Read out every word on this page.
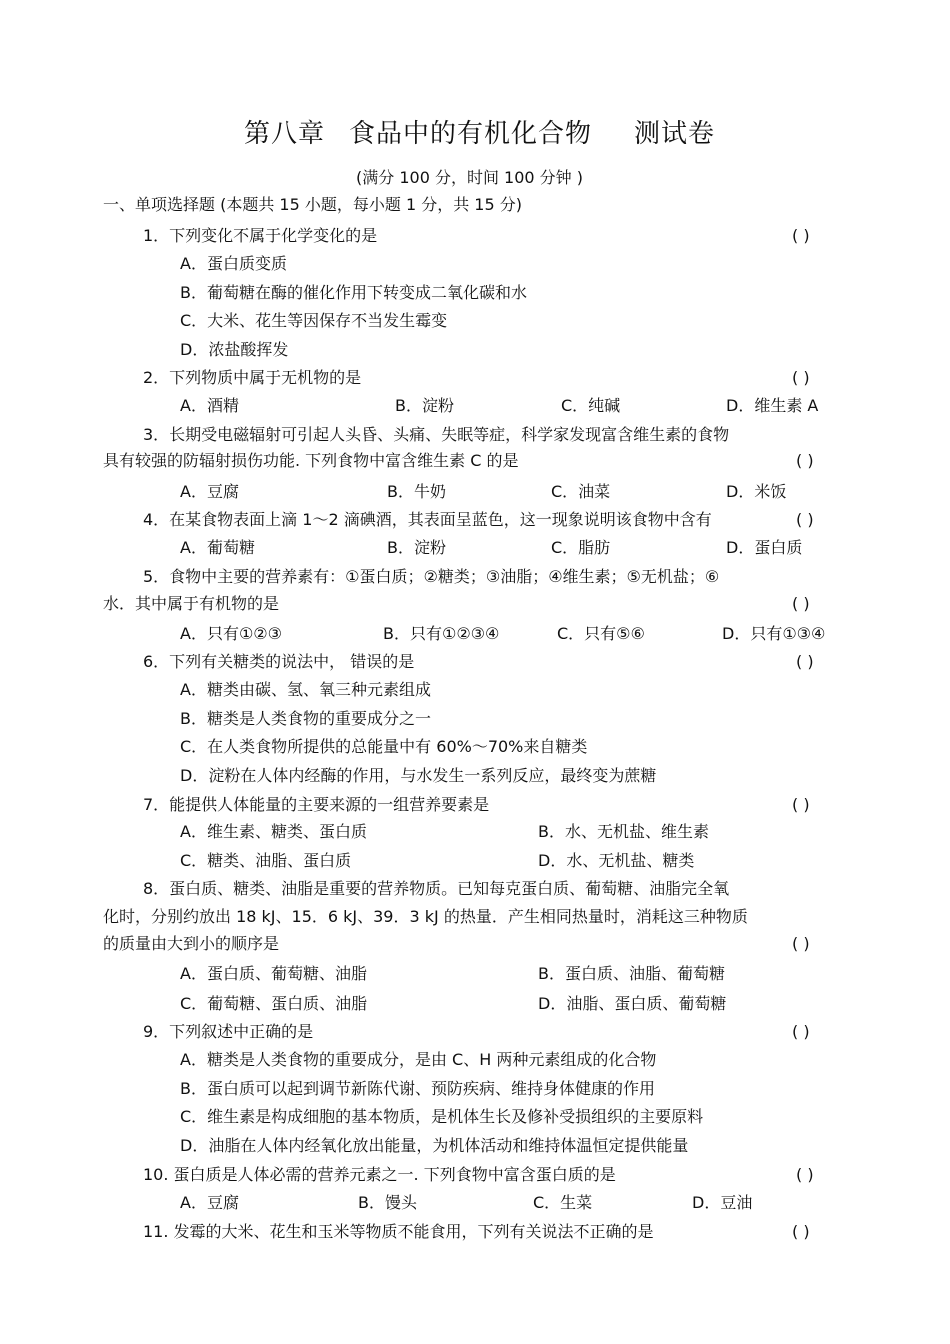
第八章 食品中的有机化合物 测试卷
(满分 100 分，时间 100 分钟 )
一、单项选择题 (本题共 15 小题，每小题 1 分，共 15 分)
1．下列变化不属于化学变化的是	( )
A．蛋白质变质
B．葡萄糖在酶的催化作用下转变成二氧化碳和水
C．大米、花生等因保存不当发生霉变
D．浓盐酸挥发
2．下列物质中属于无机物的是	( )
A．酒精	B．淀粉	C．纯碱	D．维生素 A
3．长期受电磁辐射可引起人头昏、头痛、失眠等症，科学家发现富含维生素的食物
具有较强的防辐射损伤功能. 下列食物中富含维生素 C 的是	( )
A．豆腐	B．牛奶	C．油菜	D．米饭
4．在某食物表面上滴 1～2 滴碘酒，其表面呈蓝色，这一现象说明该食物中含有	( )
A．葡萄糖	B．淀粉	C．脂肪	D．蛋白质
5．食物中主要的营养素有：①蛋白质；②糖类；③油脂；④维生素；⑤无机盐；⑥
水．其中属于有机物的是	( )
A．只有①②③	B．只有①②③④	C．只有⑤⑥	D．只有①③④
6．下列有关糖类的说法中， 错误的是	( )
A．糖类由碳、氢、氧三种元素组成
B．糖类是人类食物的重要成分之一
C．在人类食物所提供的总能量中有 60%～70%来自糖类
D．淀粉在人体内经酶的作用，与水发生一系列反应，最终变为蔗糖
7．能提供人体能量的主要来源的一组营养要素是	( )
A．维生素、糖类、蛋白质	B．水、无机盐、维生素
C．糖类、油脂、蛋白质	D．水、无机盐、糖类
8．蛋白质、糖类、油脂是重要的营养物质。已知每克蛋白质、葡萄糖、油脂完全氧
化时，分别约放出 18 kJ、15．6 kJ、39．3 kJ 的热量．产生相同热量时，消耗这三种物质
的质量由大到小的顺序是	( )
A．蛋白质、葡萄糖、油脂	B．蛋白质、油脂、葡萄糖
C．葡萄糖、蛋白质、油脂	D．油脂、蛋白质、葡萄糖
9．下列叙述中正确的是	( )
A．糖类是人类食物的重要成分，是由 C、H 两种元素组成的化合物
B．蛋白质可以起到调节新陈代谢、预防疾病、维持身体健康的作用
C．维生素是构成细胞的基本物质，是机体生长及修补受损组织的主要原料
D．油脂在人体内经氧化放出能量，为机体活动和维持体温恒定提供能量
10. 蛋白质是人体必需的营养元素之一. 下列食物中富含蛋白质的是	( )
A．豆腐	B．馒头	C．生菜	D．豆油
11. 发霉的大米、花生和玉米等物质不能食用，下列有关说法不正确的是	( )
